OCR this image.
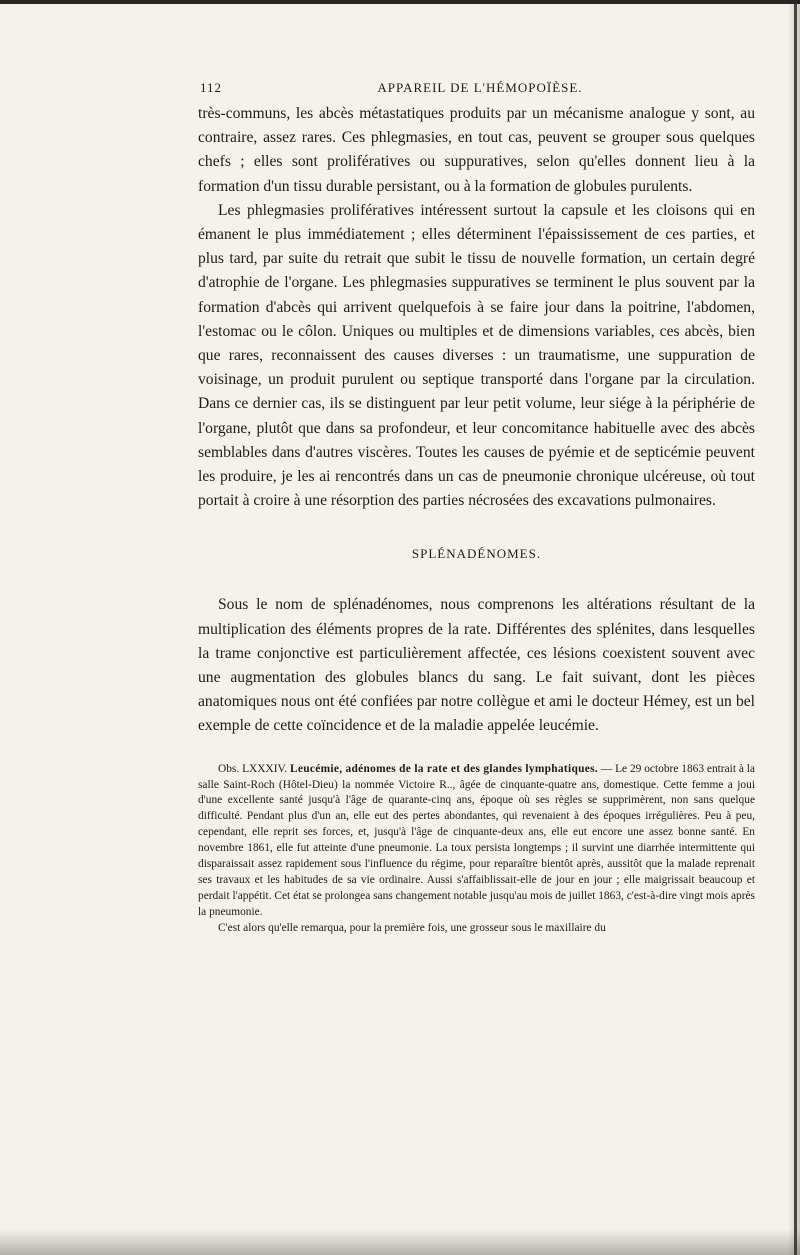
112	APPAREIL DE L'HÉMOPOÏÈSE.

très-communs, les abcès métastatiques produits par un mécanisme analogue y sont, au contraire, assez rares. Ces phlegmasies, en tout cas, peuvent se grouper sous quelques chefs ; elles sont prolifératives ou suppuratives, selon qu'elles donnent lieu à la formation d'un tissu durable persistant, ou à la formation de globules purulents.

Les phlegmasies prolifératives intéressent surtout la capsule et les cloisons qui en émanent le plus immédiatement ; elles déterminent l'épaississement de ces parties, et plus tard, par suite du retrait que subit le tissu de nouvelle formation, un certain degré d'atrophie de l'organe. Les phlegmasies suppuratives se terminent le plus souvent par la formation d'abcès qui arrivent quelquefois à se faire jour dans la poitrine, l'abdomen, l'estomac ou le côlon. Uniques ou multiples et de dimensions variables, ces abcès, bien que rares, reconnaissent des causes diverses : un traumatisme, une suppuration de voisinage, un produit purulent ou septique transporté dans l'organe par la circulation. Dans ce dernier cas, ils se distinguent par leur petit volume, leur siége à la périphérie de l'organe, plutôt que dans sa profondeur, et leur concomitance habituelle avec des abcès semblables dans d'autres viscères. Toutes les causes de pyémie et de septicémie peuvent les produire, je les ai rencontrés dans un cas de pneumonie chronique ulcéreuse, où tout portait à croire à une résorption des parties nécrosées des excavations pulmonaires.

SPLÉNADÉNOMES.

Sous le nom de splénadénomes, nous comprenons les altérations résultant de la multiplication des éléments propres de la rate. Différentes des splénites, dans lesquelles la trame conjonctive est particulièrement affectée, ces lésions coexistent souvent avec une augmentation des globules blancs du sang. Le fait suivant, dont les pièces anatomiques nous ont été confiées par notre collègue et ami le docteur Hémey, est un bel exemple de cette coïncidence et de la maladie appelée leucémie.

Obs. LXXXIV. Leucémie, adénomes de la rate et des glandes lymphatiques. — Le 29 octobre 1863 entrait à la salle Saint-Roch (Hôtel-Dieu) la nommée Victoire R.., âgée de cinquante-quatre ans, domestique. Cette femme a joui d'une excellente santé jusqu'à l'âge de quarante-cinq ans, époque où ses règles se supprimèrent, non sans quelque difficulté. Pendant plus d'un an, elle eut des pertes abondantes, qui revenaient à des époques irrégulières. Peu à peu, cependant, elle reprit ses forces, et, jusqu'à l'âge de cinquante-deux ans, elle eut encore une assez bonne santé. En novembre 1861, elle fut atteinte d'une pneumonie. La toux persista longtemps ; il survint une diarrhée intermittente qui disparaissait assez rapidement sous l'influence du régime, pour reparaître bientôt après, aussitôt que la malade reprenait ses travaux et les habitudes de sa vie ordinaire. Aussi s'affaiblissait-elle de jour en jour ; elle maigrissait beaucoup et perdait l'appétit. Cet état se prolongea sans changement notable jusqu'au mois de juillet 1863, c'est-à-dire vingt mois après la pneumonie.

C'est alors qu'elle remarqua, pour la première fois, une grosseur sous le maxillaire du
